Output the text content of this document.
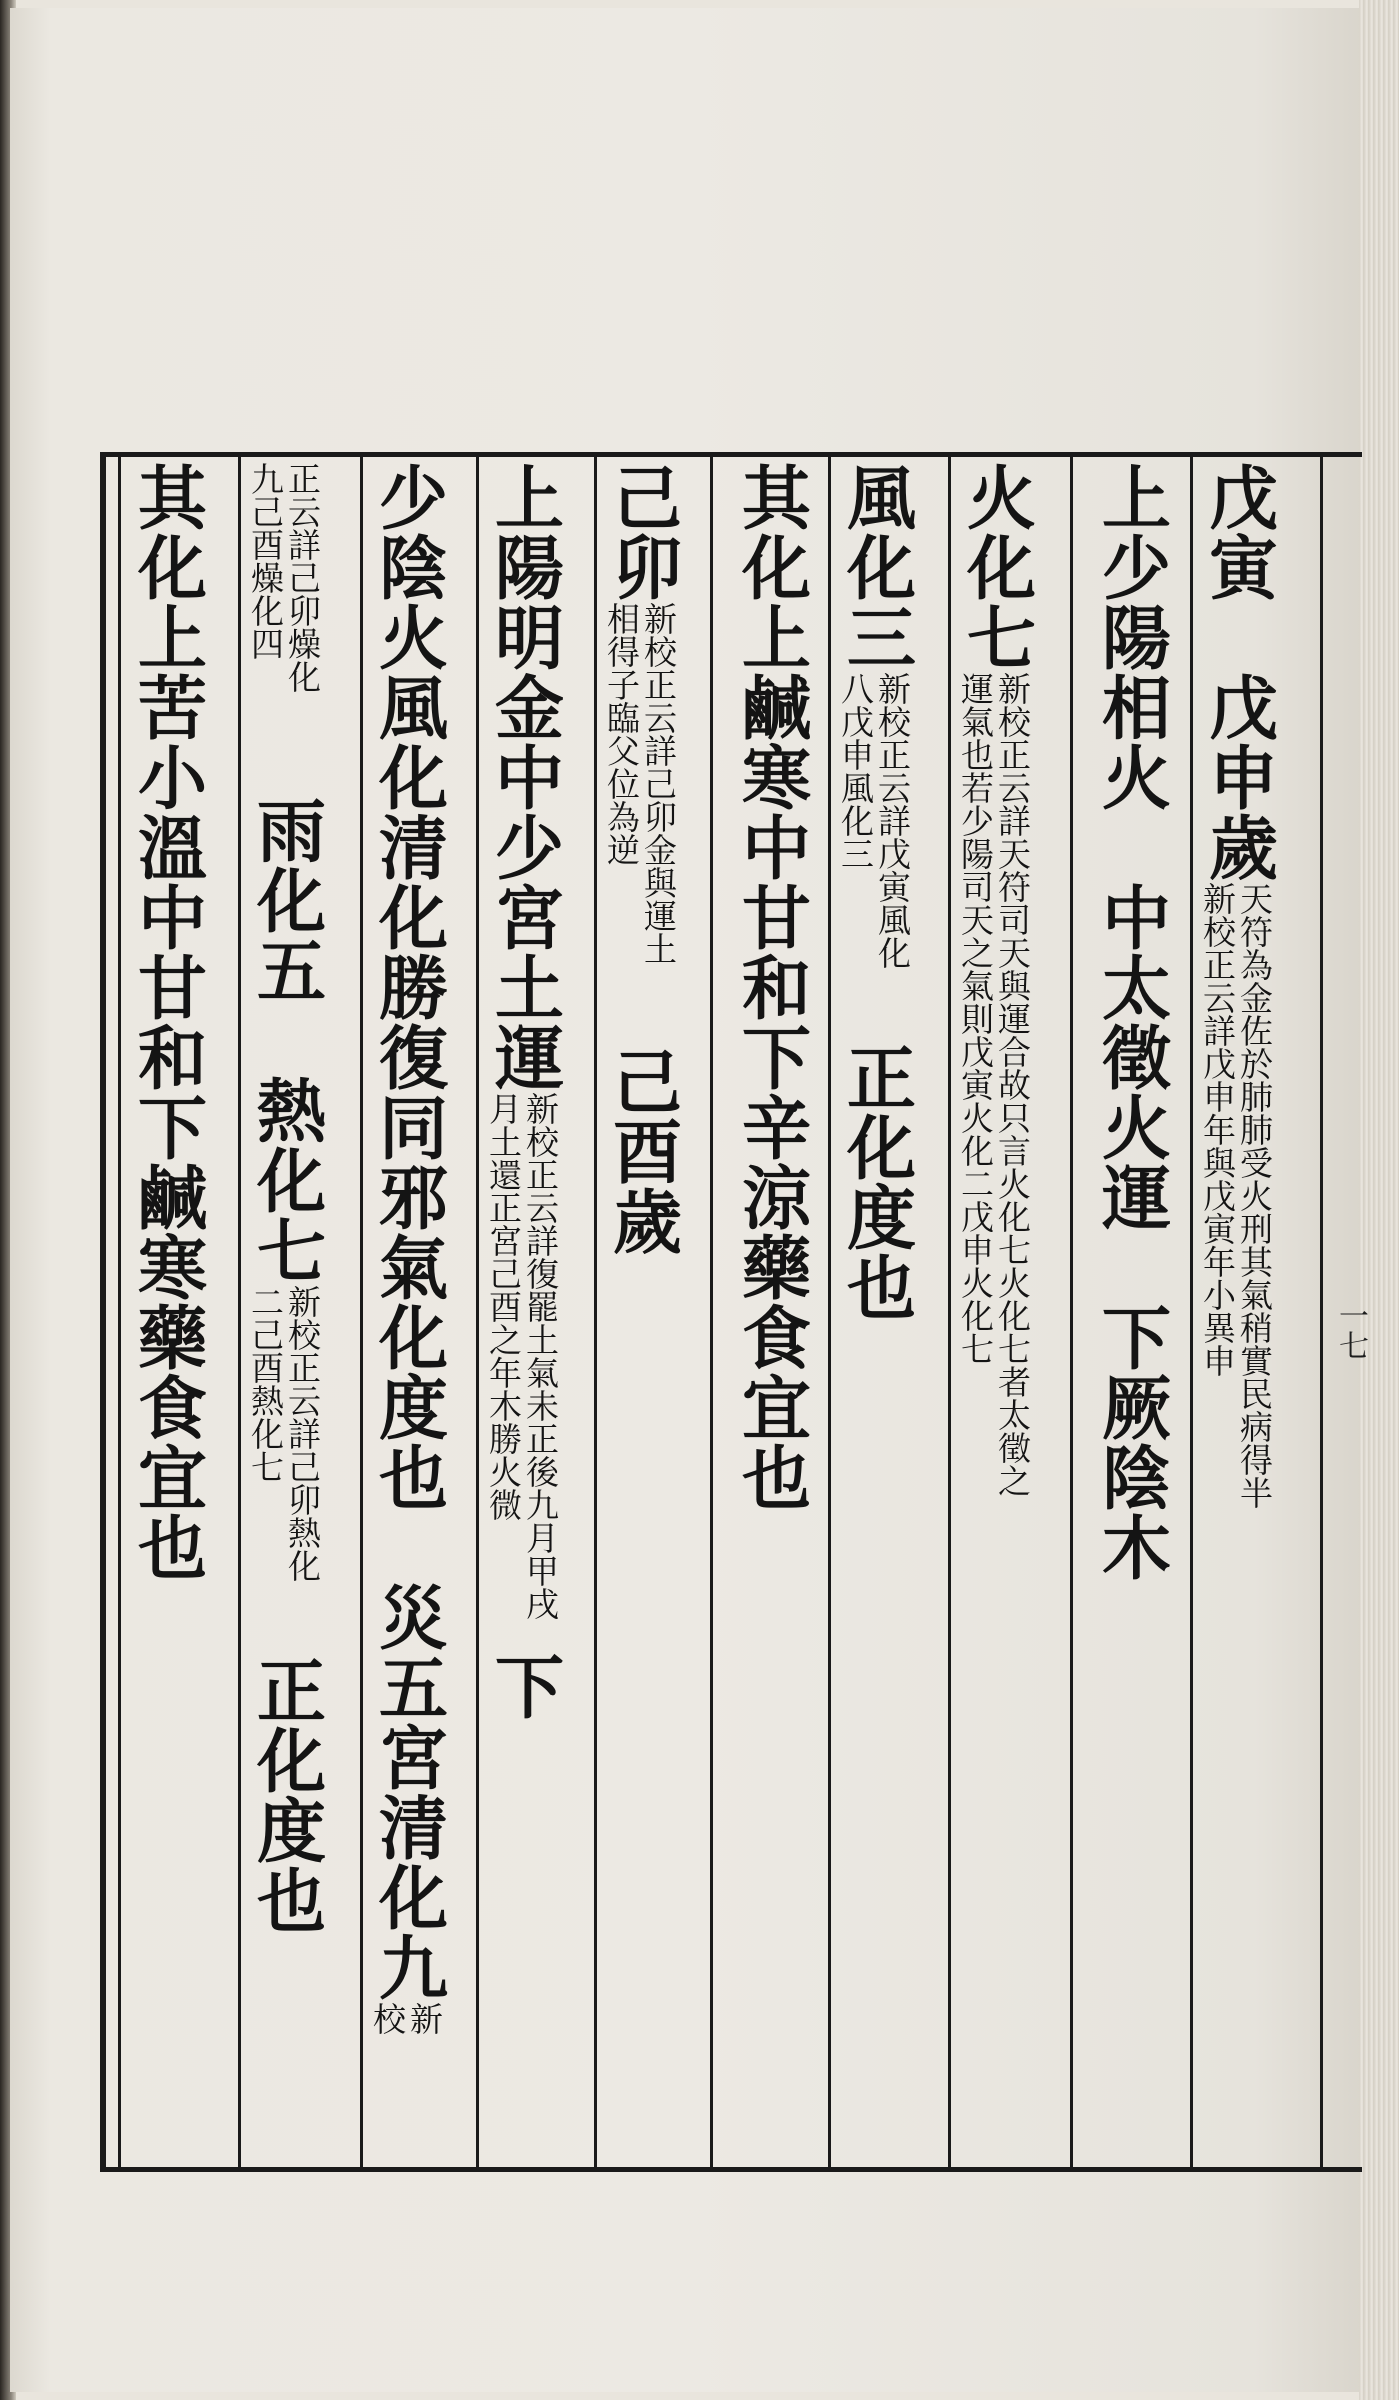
一七
戊寅　戊申歲天符為金佐於肺肺受火刑其氣稍實民病得半　新校正云詳戊申年與戊寅年小異申
上少陽相火　中太徵火運　下厥陰木
火化七新校正云詳天符司天與運合故只言火化七火化七者太徵之運氣也若少陽司天之氣則戊寅火化二戊申火化七
風化三新校正云詳戊寅風化八戊申風化三　正化度也
其化上鹹寒中甘和下辛涼藥食宜也
己卯新校正云詳己卯金與運土相得子臨父位為逆　己酉歲
上陽明金中少宮土運新校正云詳復罷土氣未正後九月甲戌月土還正宮己酉之年木勝火微下
少陰火風化清化勝復同邪氣化度也　災五宮清化九新校
正云詳己卯燥化九己酉燥化四　雨化五　熱化七新校正云詳己卯熱化二己酉熱化七　正化度也
其化上苦小溫中甘和下鹹寒藥食宜也
